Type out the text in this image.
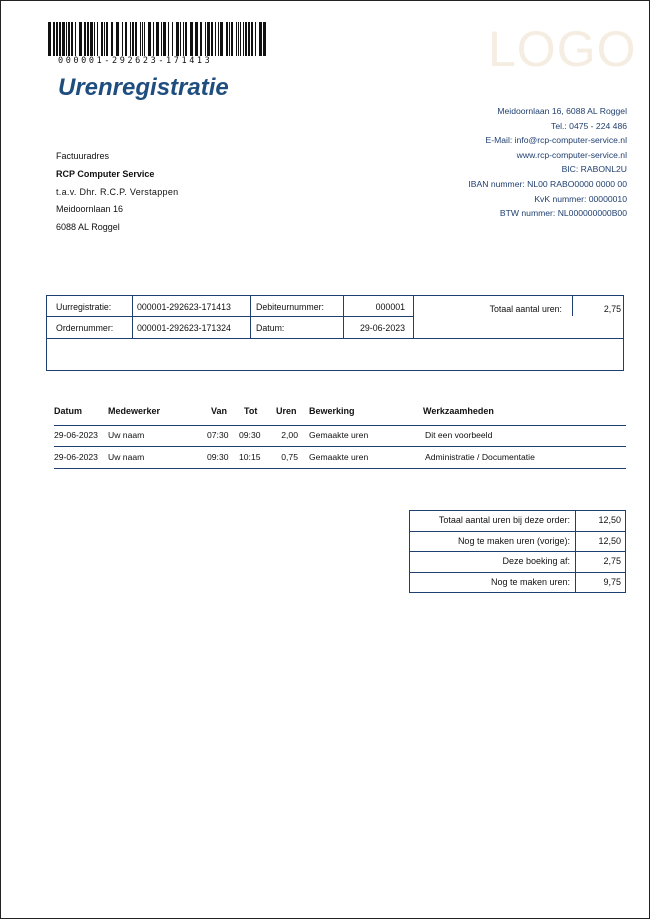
000001-292623-171413	LOGO
Urenregistratie
Meidoornlaan 16, 6088 AL Roggel
Tel.: 0475 - 224 486
E-Mail: info@rcp-computer-service.nl
www.rcp-computer-service.nl
BIC: RABONL2U
IBAN nummer: NL00 RABO0000 0000 00
KvK nummer: 00000010
BTW nummer: NL000000000B00
Factuuradres
RCP Computer Service
t.a.v. Dhr. R.C.P. Verstappen
Meidoornlaan 16
6088 AL Roggel
Uurregistratie:	000001-292623-171413	Debiteurnummer:	000001	Totaal aantal uren:	2,75
Ordernummer:	000001-292623-171324	Datum:	29-06-2023
Datum	Medewerker	Van Tot Uren Bewerking	Werkzaamheden
29-06-2023 Uw naam	07:30 09:30	2,00 Gemaakte uren	Dit een voorbeeld
29-06-2023 Uw naam	09:30 10:15	0,75 Gemaakte uren	Administratie / Documentatie
Totaal aantal uren bij deze order:	12,50
Nog te maken uren (vorige):	12,50
Deze boeking af:	2,75
Nog te maken uren:	9,75
